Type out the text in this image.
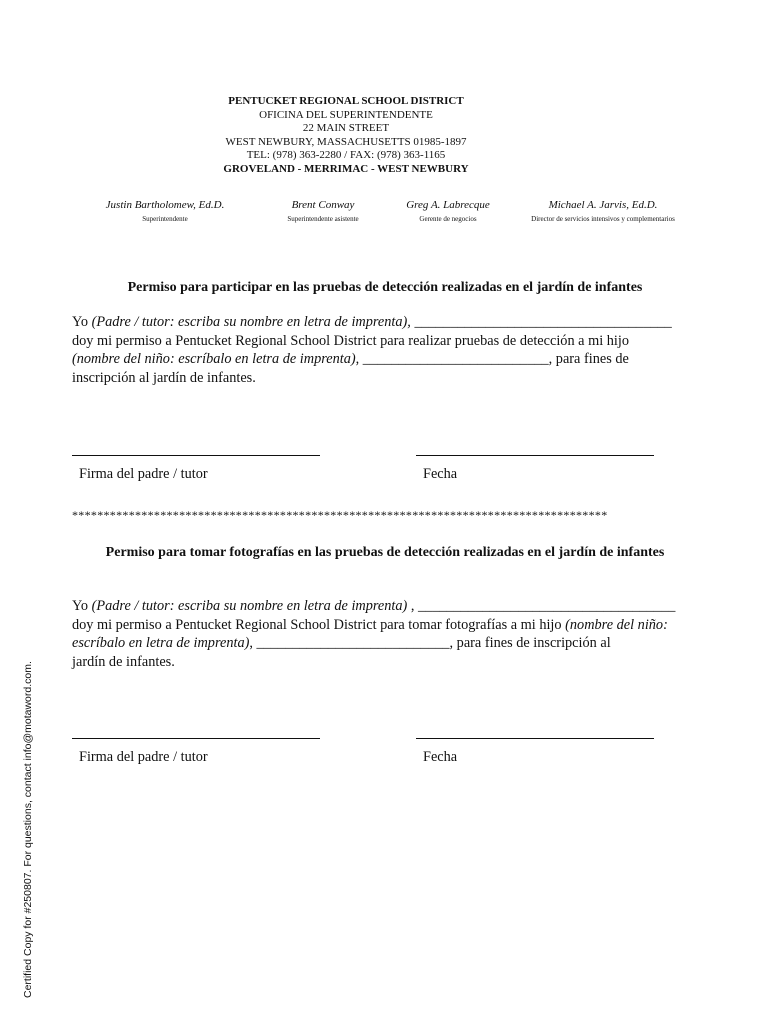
PENTUCKET REGIONAL SCHOOL DISTRICT
OFICINA DEL SUPERINTENDENTE
22 MAIN STREET
WEST NEWBURY, MASSACHUSETTS 01985-1897
TEL: (978) 363-2280 / FAX: (978) 363-1165
GROVELAND - MERRIMAC - WEST NEWBURY
Justin Bartholomew, Ed.D.
Superintendente
Brent Conway
Superintendente asistente
Greg A. Labrecque
Gerente de negocios
Michael A. Jarvis, Ed.D.
Director de servicios intensivos y complementarios
Permiso para participar en las pruebas de detección realizadas en el jardín de infantes
Yo (Padre / tutor: escriba su nombre en letra de imprenta), ____________________________________
doy mi permiso a Pentucket Regional School District para realizar pruebas de detección a mi hijo
(nombre del niño: escríbalo en letra de imprenta), __________________________, para fines de
inscripción al jardín de infantes.
Firma del padre / tutor	Fecha
*************************************************************************************
Permiso para tomar fotografías en las pruebas de detección realizadas en el jardín de infantes
Yo (Padre / tutor: escriba su nombre en letra de imprenta) , ____________________________________
doy mi permiso a Pentucket Regional School District para tomar fotografías a mi hijo (nombre del niño: escríbalo en letra de imprenta), ___________________________, para fines de inscripción al
jardín de infantes.
Firma del padre / tutor	Fecha
Certified Copy for #250807. For questions, contact info@motaword.com.
